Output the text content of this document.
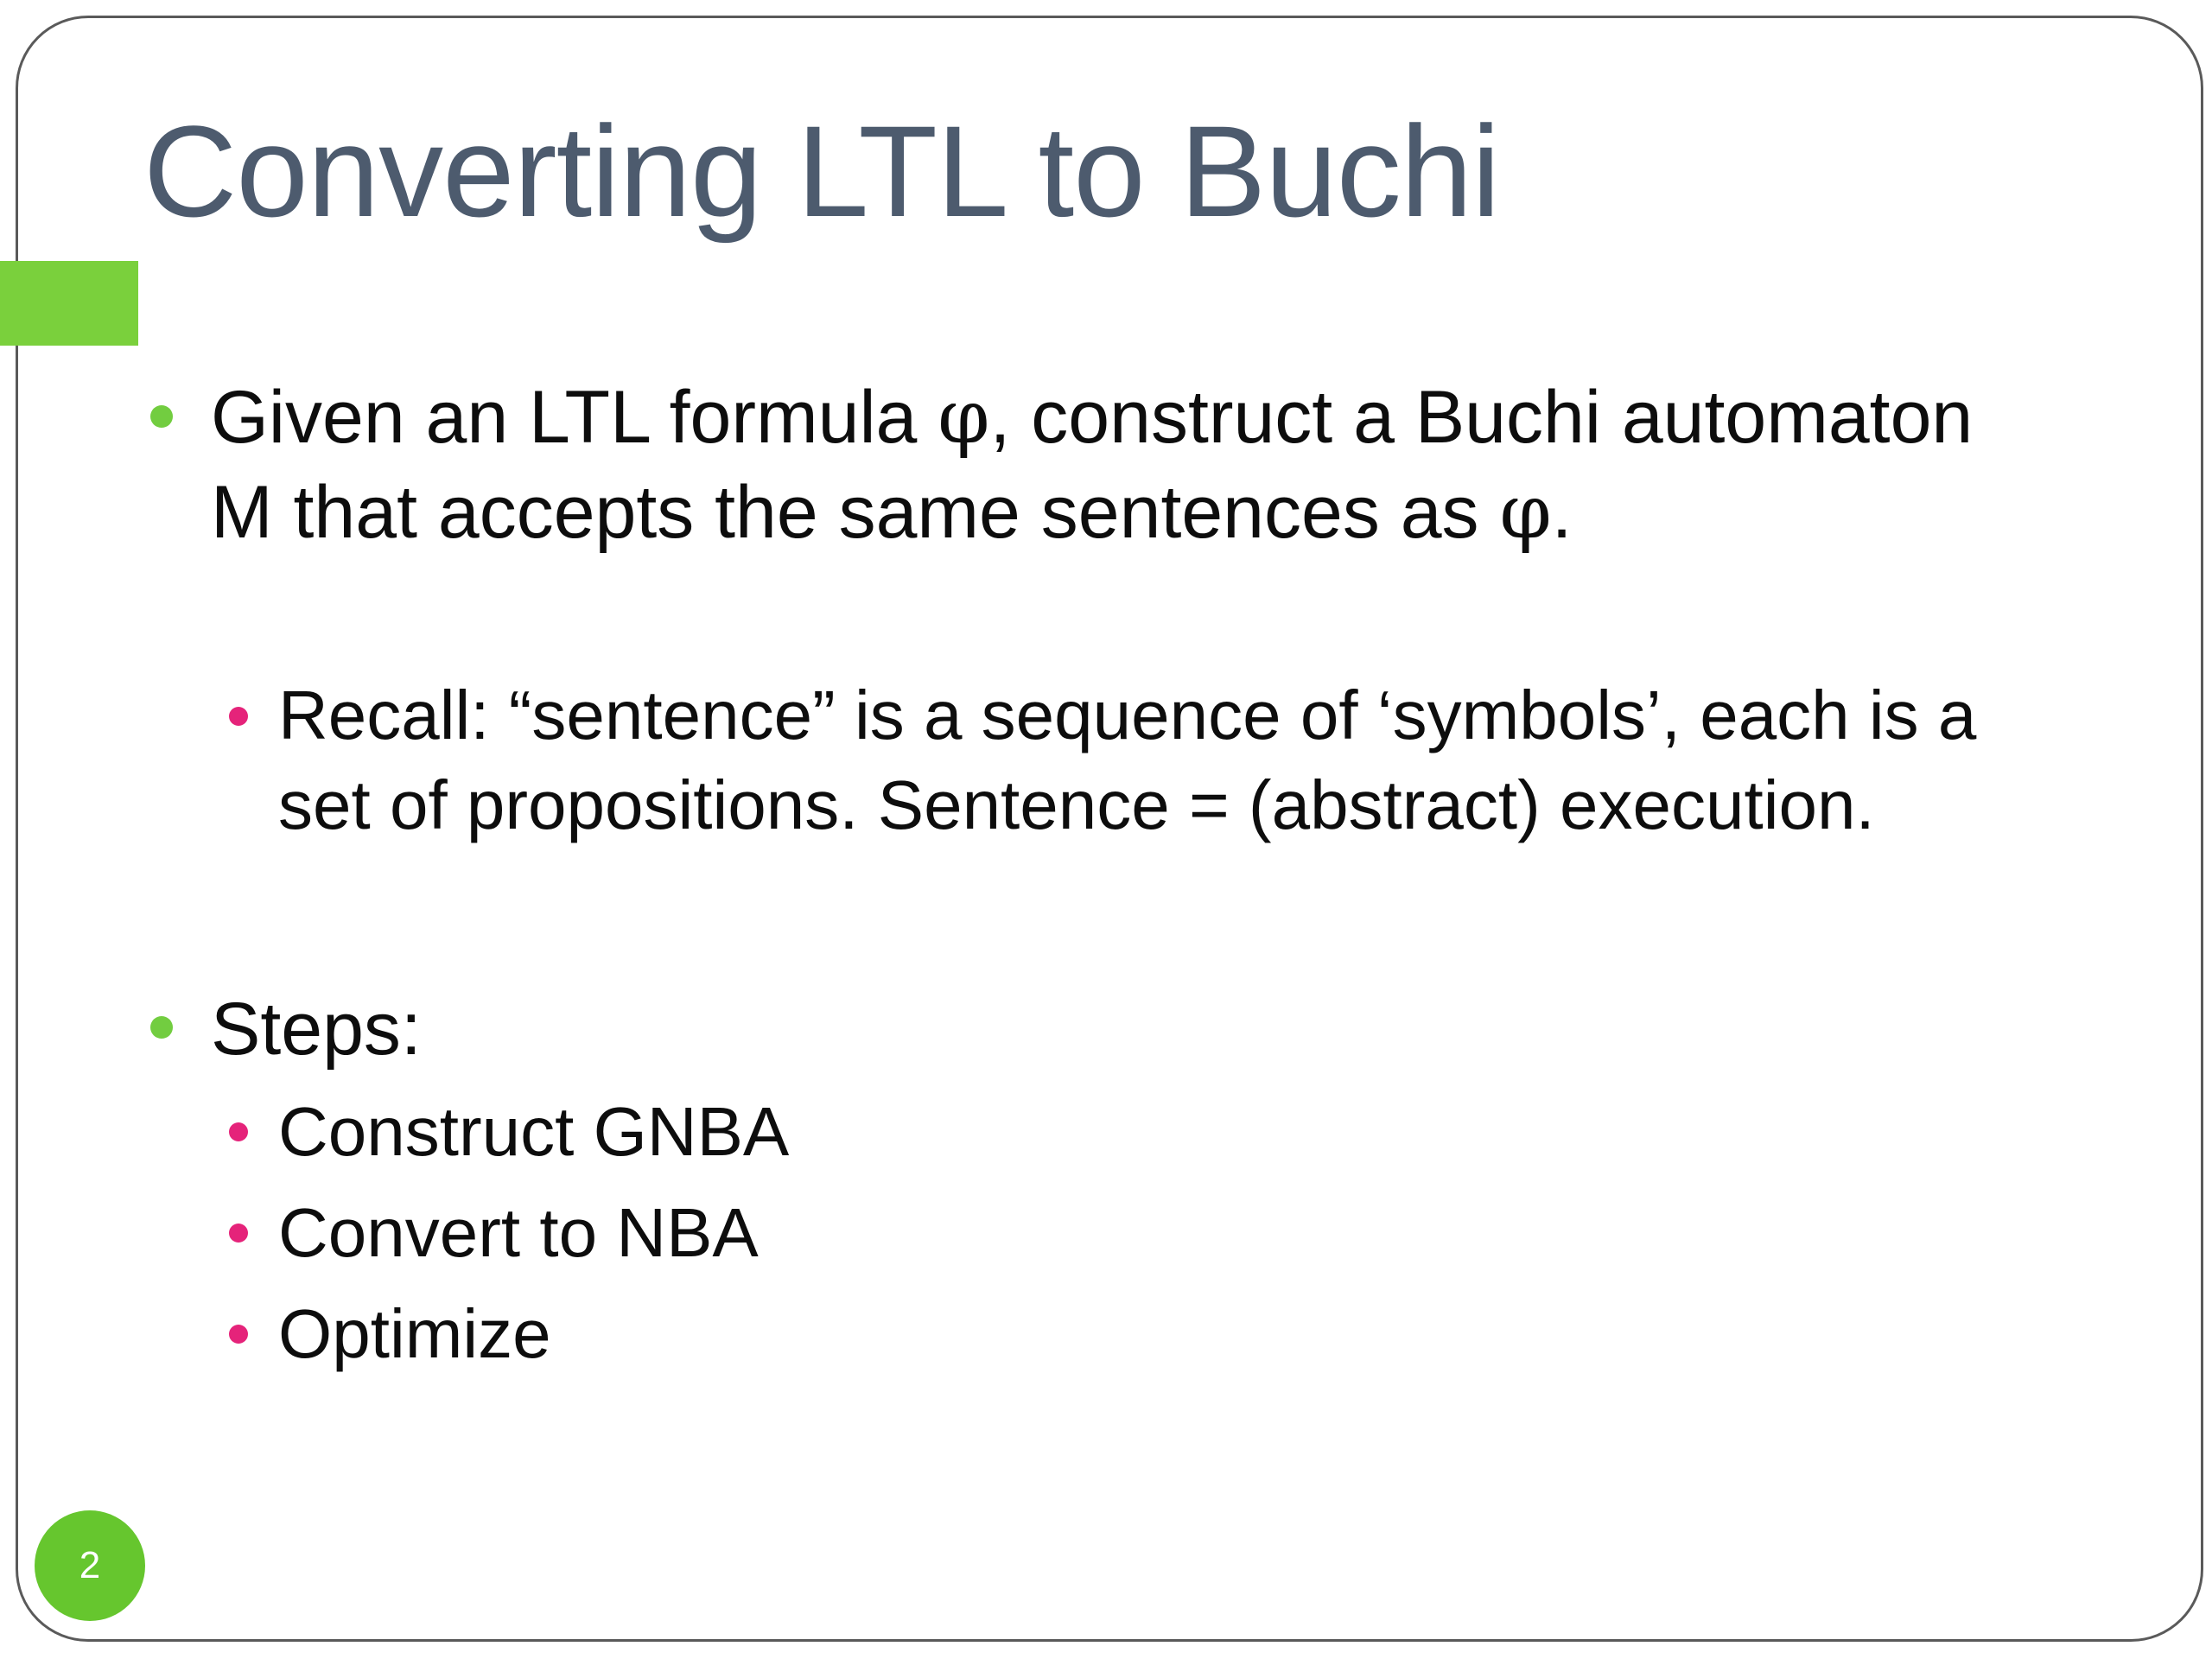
Converting LTL to Buchi
Given an LTL formula φ, construct a Buchi automaton
M that accepts the same sentences as φ.
Recall: “sentence” is a sequence of ‘symbols’, each is a
set of propositions. Sentence = (abstract) execution.
Steps:
Construct GNBA
Convert to NBA
Optimize
2
